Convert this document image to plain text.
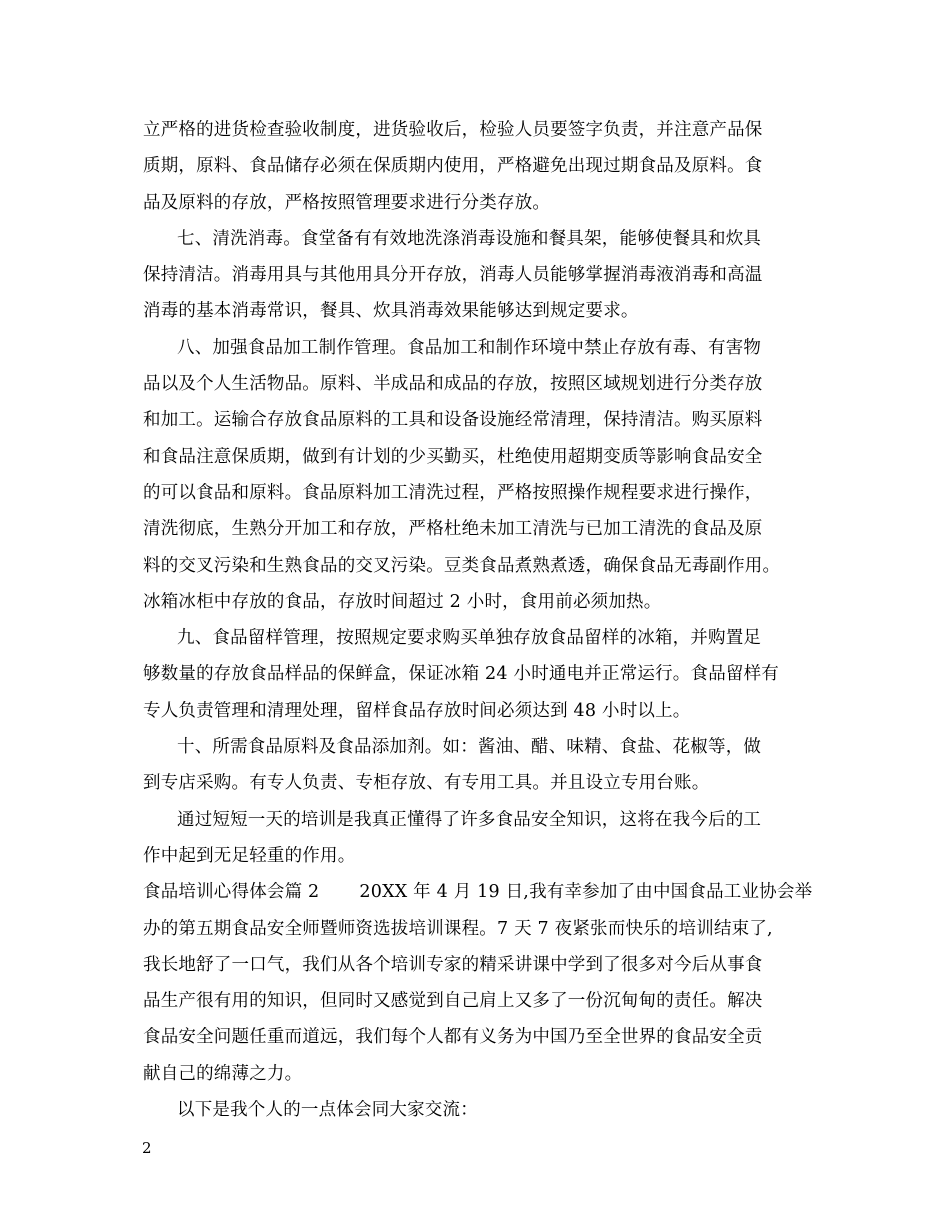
立严格的进货检查验收制度，进货验收后，检验人员要签字负责，并注意产品保
质期，原料、食品储存必须在保质期内使用，严格避免出现过期食品及原料。食
品及原料的存放，严格按照管理要求进行分类存放。
七、清洗消毒。食堂备有有效地洗涤消毒设施和餐具架，能够使餐具和炊具
保持清洁。消毒用具与其他用具分开存放，消毒人员能够掌握消毒液消毒和高温
消毒的基本消毒常识，餐具、炊具消毒效果能够达到规定要求。
八、加强食品加工制作管理。食品加工和制作环境中禁止存放有毒、有害物
品以及个人生活物品。原料、半成品和成品的存放，按照区域规划进行分类存放
和加工。运输合存放食品原料的工具和设备设施经常清理，保持清洁。购买原料
和食品注意保质期，做到有计划的少买勤买，杜绝使用超期变质等影响食品安全
的可以食品和原料。食品原料加工清洗过程，严格按照操作规程要求进行操作，
清洗彻底，生熟分开加工和存放，严格杜绝未加工清洗与已加工清洗的食品及原
料的交叉污染和生熟食品的交叉污染。豆类食品煮熟煮透，确保食品无毒副作用。
冰箱冰柜中存放的食品，存放时间超过 2 小时，食用前必须加热。
九、食品留样管理，按照规定要求购买单独存放食品留样的冰箱，并购置足
够数量的存放食品样品的保鲜盒，保证冰箱 24 小时通电并正常运行。食品留样有
专人负责管理和清理处理，留样食品存放时间必须达到 48 小时以上。
十、所需食品原料及食品添加剂。如：酱油、醋、味精、食盐、花椒等，做
到专店采购。有专人负责、专柜存放、有专用工具。并且设立专用台账。
通过短短一天的培训是我真正懂得了许多食品安全知识，这将在我今后的工
作中起到无足轻重的作用。
食品培训心得体会篇 2 20XX 年 4 月 19 日,我有幸参加了由中国食品工业协会举
办的第五期食品安全师暨师资选拔培训课程。7 天 7 夜紧张而快乐的培训结束了,
我长地舒了一口气，我们从各个培训专家的精采讲课中学到了很多对今后从事食
品生产很有用的知识，但同时又感觉到自己肩上又多了一份沉甸甸的责任。解决
食品安全问题任重而道远，我们每个人都有义务为中国乃至全世界的食品安全贡
献自己的绵薄之力。
以下是我个人的一点体会同大家交流：
2
